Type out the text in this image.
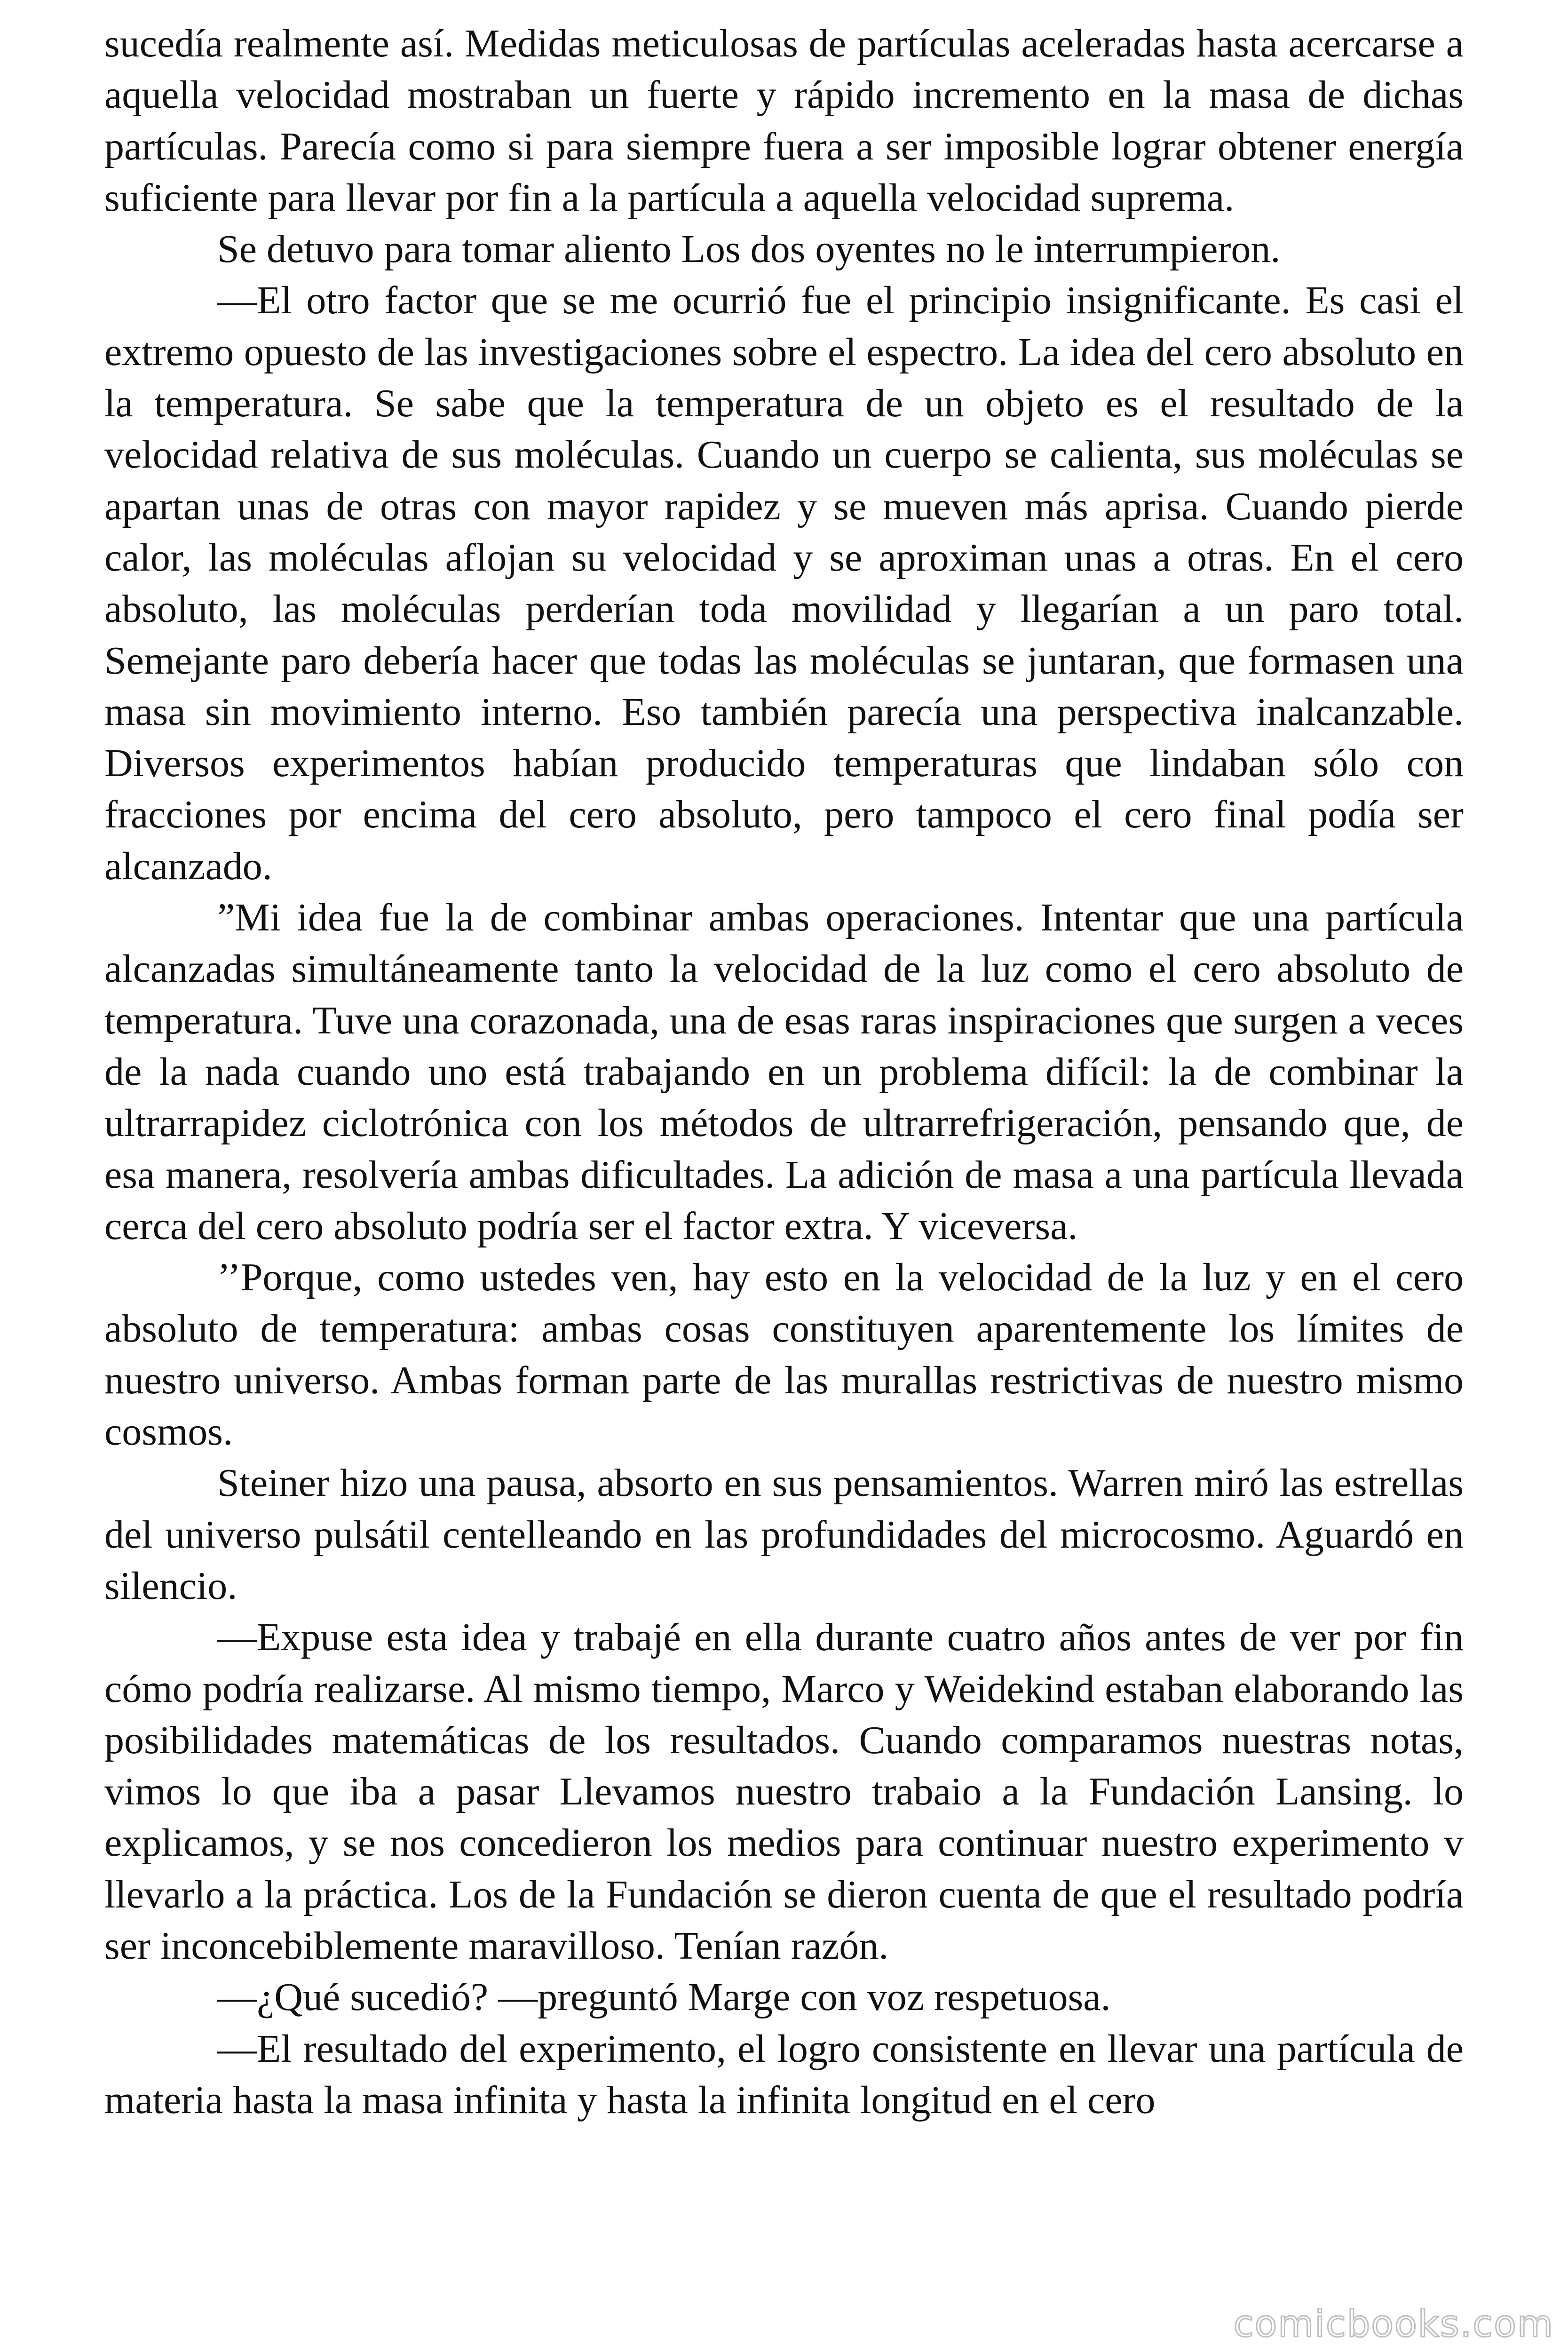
sucedía realmente así. Medidas meticulosas de partículas aceleradas hasta acercarse a aquella velocidad mostraban un fuerte y rápido incremento en la masa de dichas partículas. Parecía como si para siempre fuera a ser imposible lograr obtener energía suficiente para llevar por fin a la partícula a aquella velocidad suprema.

Se detuvo para tomar aliento Los dos oyentes no le interrumpieron.

—El otro factor que se me ocurrió fue el principio insignificante. Es casi el extremo opuesto de las investigaciones sobre el espectro. La idea del cero absoluto en la temperatura. Se sabe que la temperatura de un objeto es el resultado de la velocidad relativa de sus moléculas. Cuando un cuerpo se calienta, sus moléculas se apartan unas de otras con mayor rapidez y se mueven más aprisa. Cuando pierde calor, las moléculas aflojan su velocidad y se aproximan unas a otras. En el cero absoluto, las moléculas perderían toda movilidad y llegarían a un paro total. Semejante paro debería hacer que todas las moléculas se juntaran, que formasen una masa sin movimiento interno. Eso también parecía una perspectiva inalcanzable. Diversos experimentos habían producido temperaturas que lindaban sólo con fracciones por encima del cero absoluto, pero tampoco el cero final podía ser alcanzado.

”Mi idea fue la de combinar ambas operaciones. Intentar que una partícula alcanzadas simultáneamente tanto la velocidad de la luz como el cero absoluto de temperatura. Tuve una corazonada, una de esas raras inspiraciones que surgen a veces de la nada cuando uno está trabajando en un problema difícil: la de combinar la ultrarrapidez ciclotrónica con los métodos de ultrarrefrigeración, pensando que, de esa manera, resolvería ambas dificultades. La adición de masa a una partícula llevada cerca del cero absoluto podría ser el factor extra. Y viceversa.

’’Porque, como ustedes ven, hay esto en la velocidad de la luz y en el cero absoluto de temperatura: ambas cosas constituyen aparentemente los límites de nuestro universo. Ambas forman parte de las murallas restrictivas de nuestro mismo cosmos.

Steiner hizo una pausa, absorto en sus pensamientos. Warren miró las estrellas del universo pulsátil centelleando en las profundidades del microcosmo. Aguardó en silencio.

—Expuse esta idea y trabajé en ella durante cuatro años antes de ver por fin cómo podría realizarse. Al mismo tiempo, Marco y Weidekind estaban elaborando las posibilidades matemáticas de los resultados. Cuando comparamos nuestras notas, vimos lo que iba a pasar Llevamos nuestro trabaio a la Fundación Lansing. lo explicamos, y se nos concedieron los medios para continuar nuestro experimento v llevarlo a la práctica. Los de la Fundación se dieron cuenta de que el resultado podría ser inconcebiblemente maravilloso. Tenían razón.

—¿Qué sucedió? —preguntó Marge con voz respetuosa.

—El resultado del experimento, el logro consistente en llevar una partícula de materia hasta la masa infinita y hasta la infinita longitud en el cero

comicbooks.com
